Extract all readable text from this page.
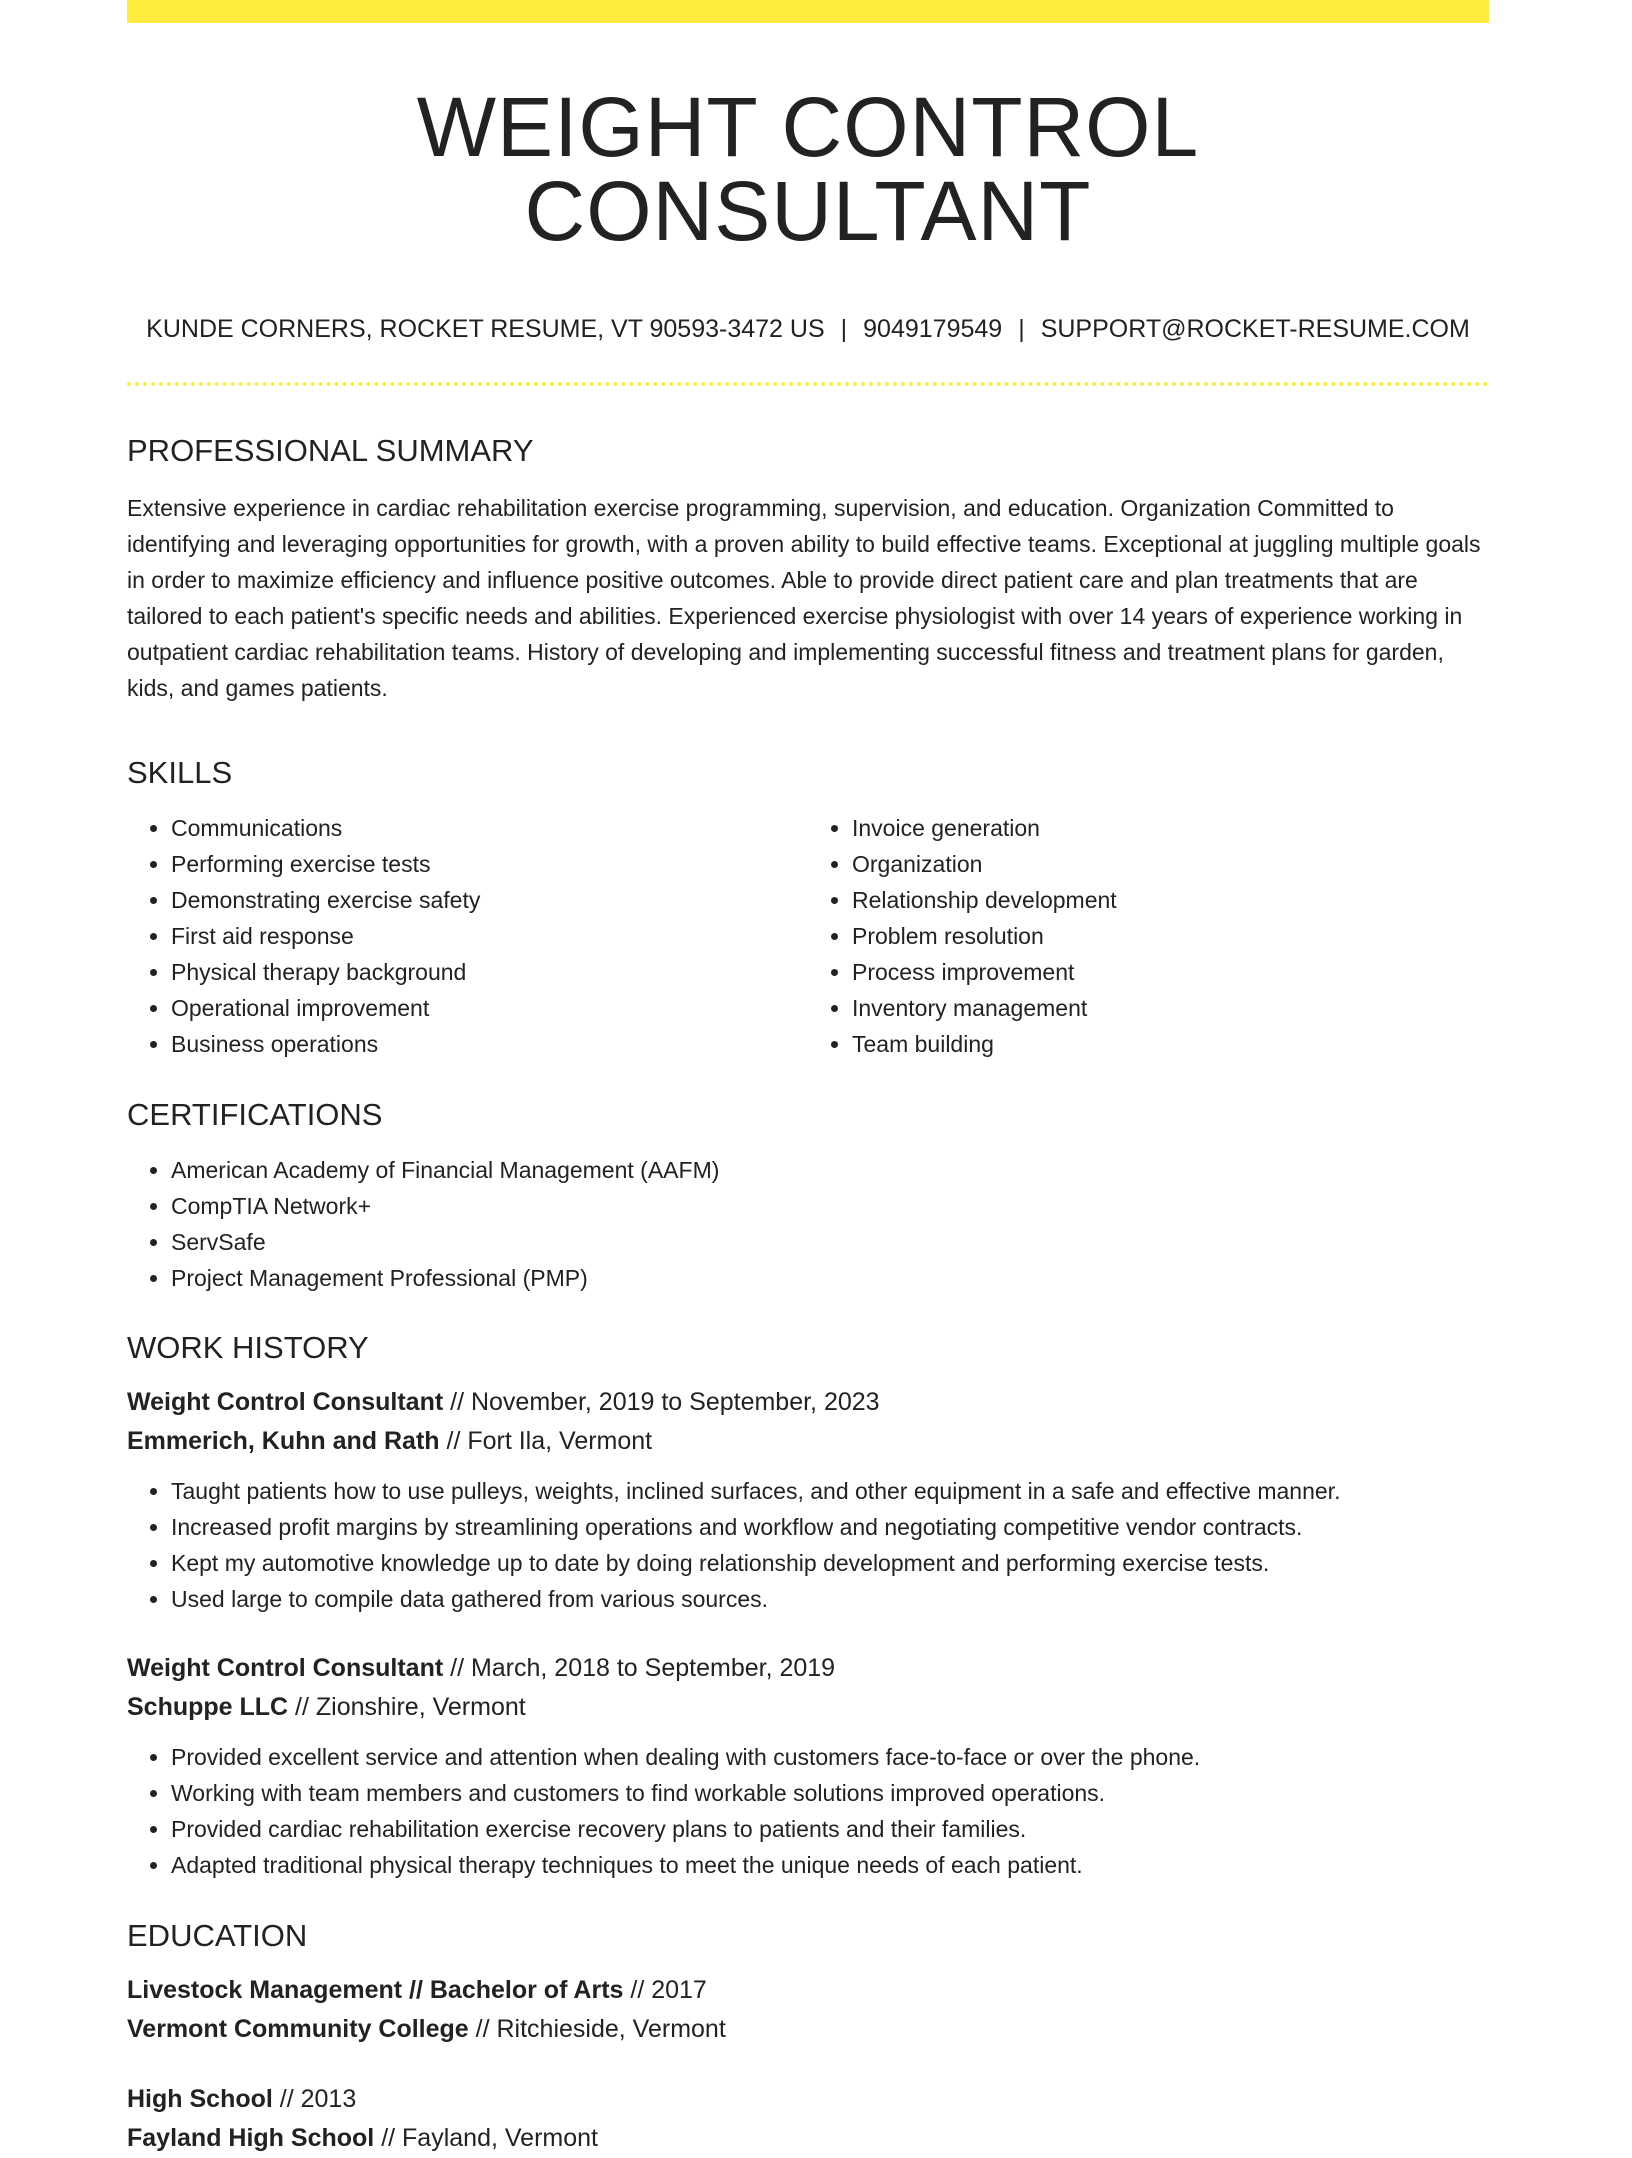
WEIGHT CONTROL CONSULTANT
KUNDE CORNERS, ROCKET RESUME, VT 90593-3472 US | 9049179549 | SUPPORT@ROCKET-RESUME.COM
PROFESSIONAL SUMMARY
Extensive experience in cardiac rehabilitation exercise programming, supervision, and education. Organization Committed to identifying and leveraging opportunities for growth, with a proven ability to build effective teams. Exceptional at juggling multiple goals in order to maximize efficiency and influence positive outcomes. Able to provide direct patient care and plan treatments that are tailored to each patient's specific needs and abilities. Experienced exercise physiologist with over 14 years of experience working in outpatient cardiac rehabilitation teams. History of developing and implementing successful fitness and treatment plans for garden, kids, and games patients.
SKILLS
• Communications
• Performing exercise tests
• Demonstrating exercise safety
• First aid response
• Physical therapy background
• Operational improvement
• Business operations
• Invoice generation
• Organization
• Relationship development
• Problem resolution
• Process improvement
• Inventory management
• Team building
CERTIFICATIONS
• American Academy of Financial Management (AAFM)
• CompTIA Network+
• ServSafe
• Project Management Professional (PMP)
WORK HISTORY
Weight Control Consultant // November, 2019 to September, 2023
Emmerich, Kuhn and Rath // Fort Ila, Vermont
• Taught patients how to use pulleys, weights, inclined surfaces, and other equipment in a safe and effective manner.
• Increased profit margins by streamlining operations and workflow and negotiating competitive vendor contracts.
• Kept my automotive knowledge up to date by doing relationship development and performing exercise tests.
• Used large to compile data gathered from various sources.
Weight Control Consultant // March, 2018 to September, 2019
Schuppe LLC // Zionshire, Vermont
• Provided excellent service and attention when dealing with customers face-to-face or over the phone.
• Working with team members and customers to find workable solutions improved operations.
• Provided cardiac rehabilitation exercise recovery plans to patients and their families.
• Adapted traditional physical therapy techniques to meet the unique needs of each patient.
EDUCATION
Livestock Management // Bachelor of Arts // 2017
Vermont Community College // Ritchieside, Vermont
High School // 2013
Fayland High School // Fayland, Vermont
